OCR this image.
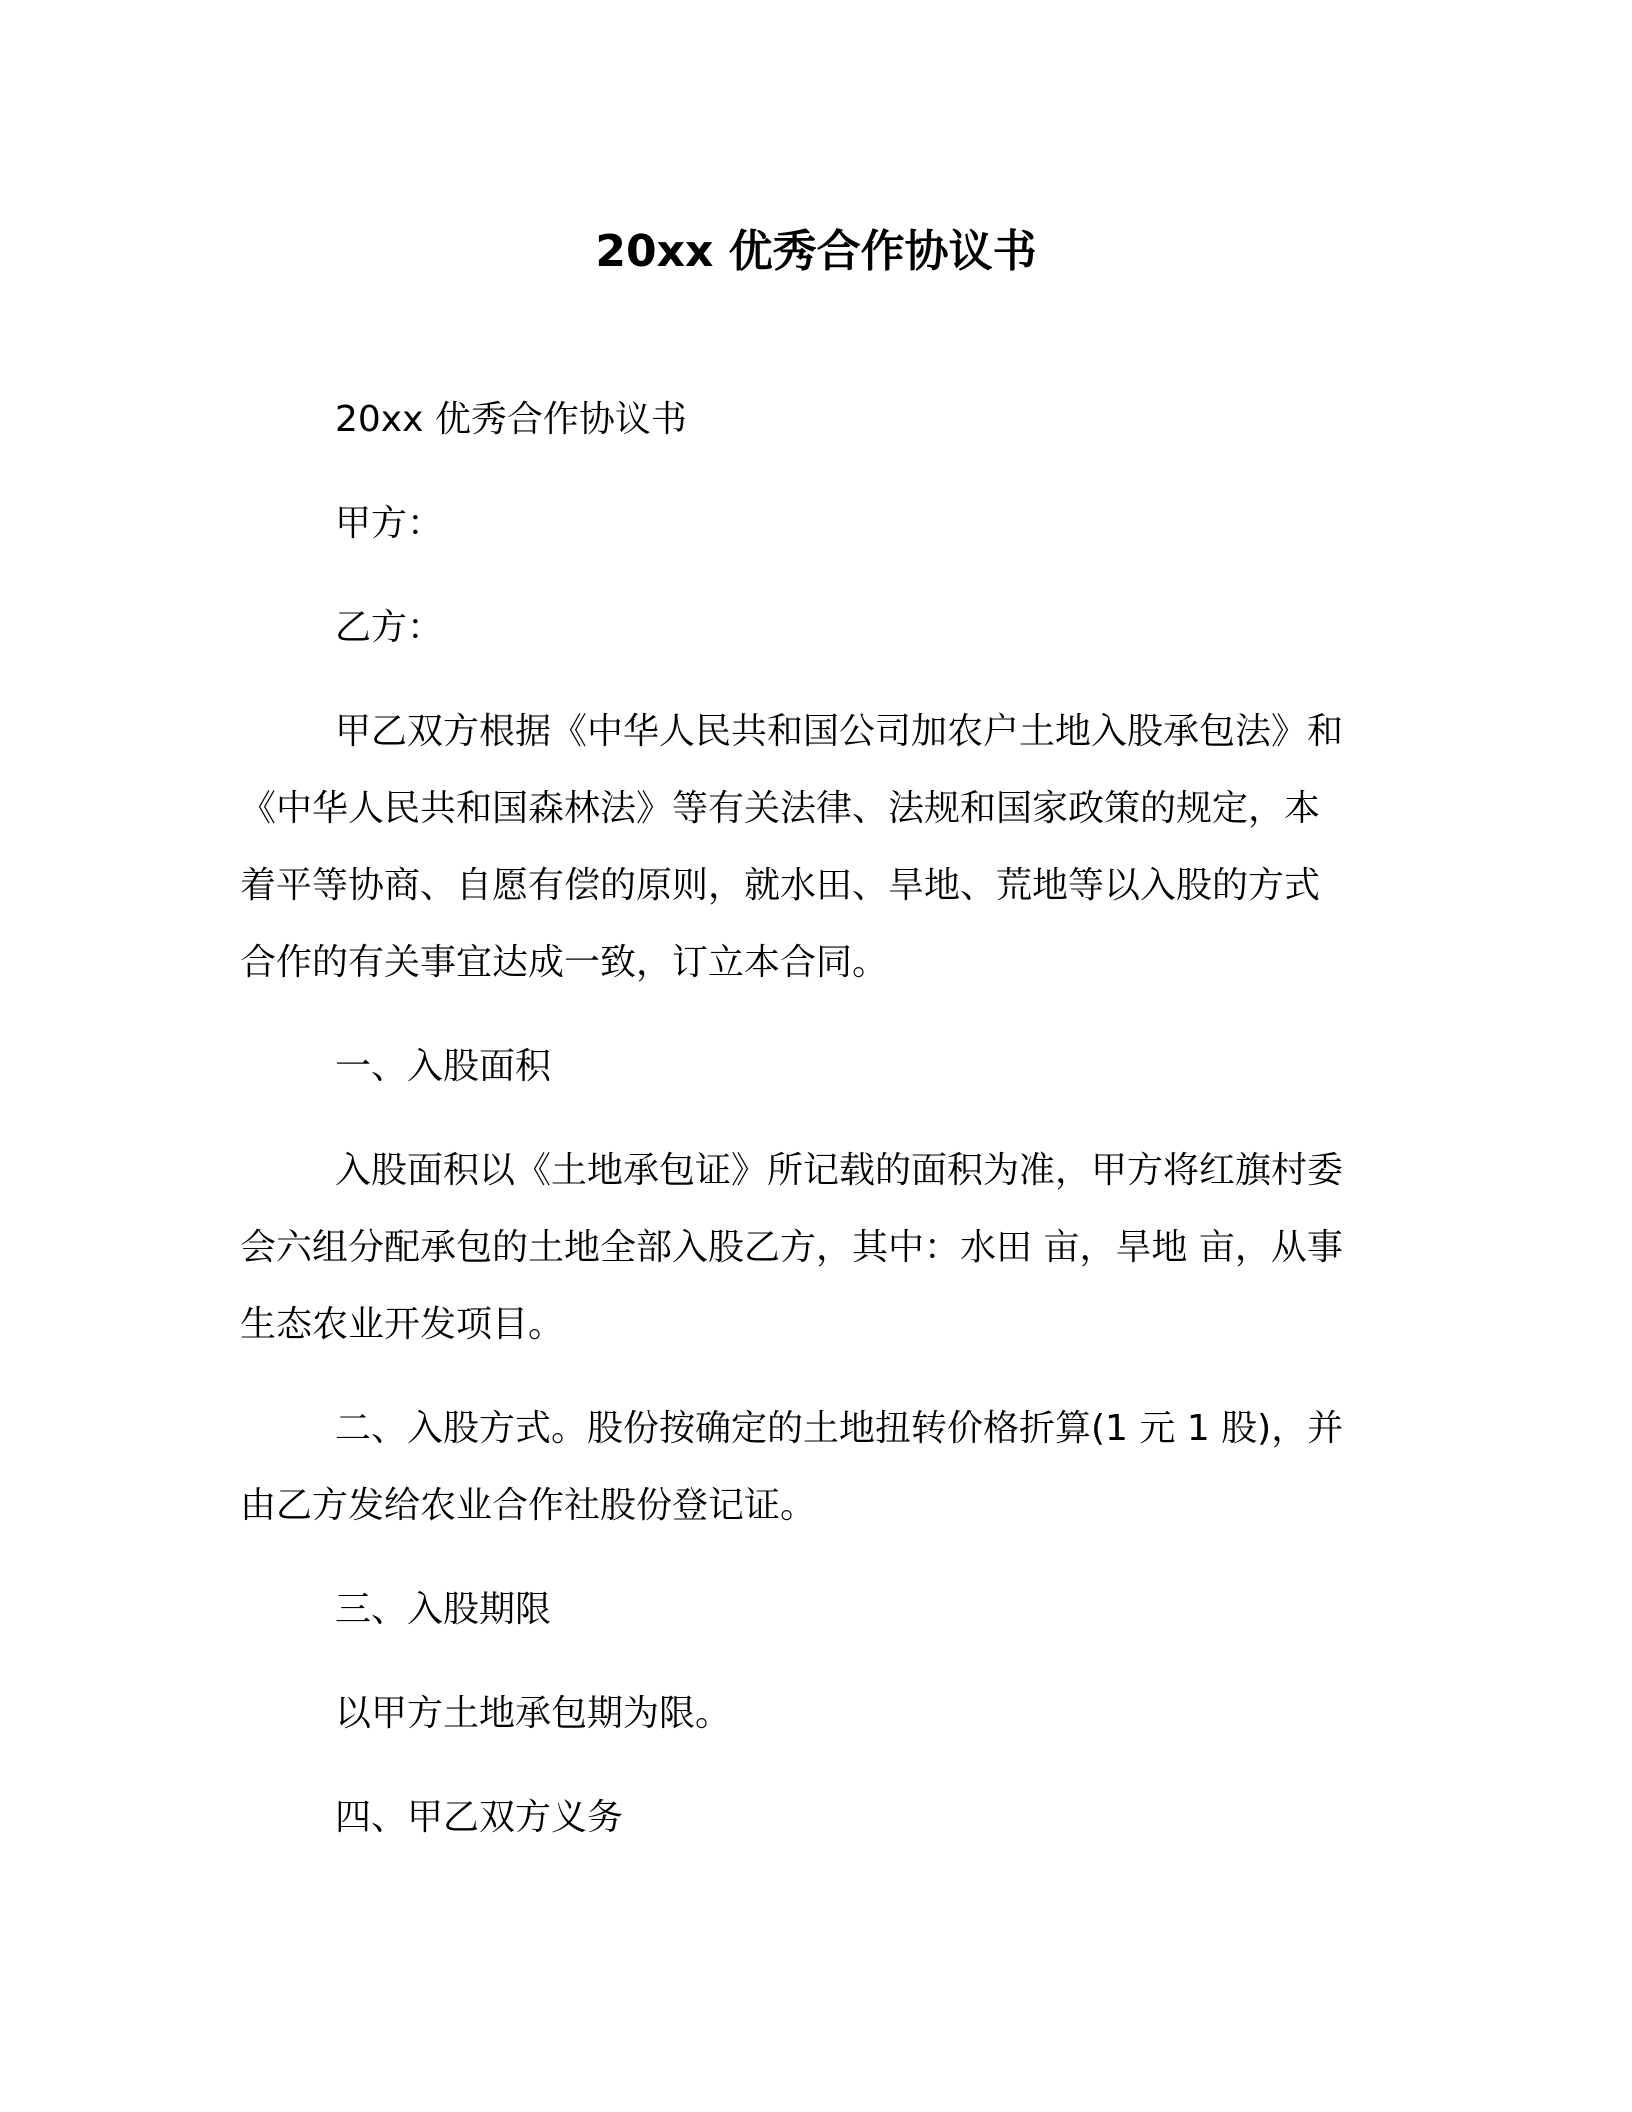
20xx 优秀合作协议书
20xx 优秀合作协议书
甲方：
乙方：
甲乙双方根据《中华人民共和国公司加农户土地入股承包法》和
《中华人民共和国森林法》等有关法律、法规和国家政策的规定，本
着平等协商、自愿有偿的原则，就水田、旱地、荒地等以入股的方式
合作的有关事宜达成一致，订立本合同。
一、入股面积
入股面积以《土地承包证》所记载的面积为准，甲方将红旗村委
会六组分配承包的土地全部入股乙方，其中：水田 亩，旱地 亩，从事
生态农业开发项目。
二、入股方式。股份按确定的土地扭转价格折算(1 元 1 股)，并
由乙方发给农业合作社股份登记证。
三、入股期限
以甲方土地承包期为限。
四、甲乙双方义务
